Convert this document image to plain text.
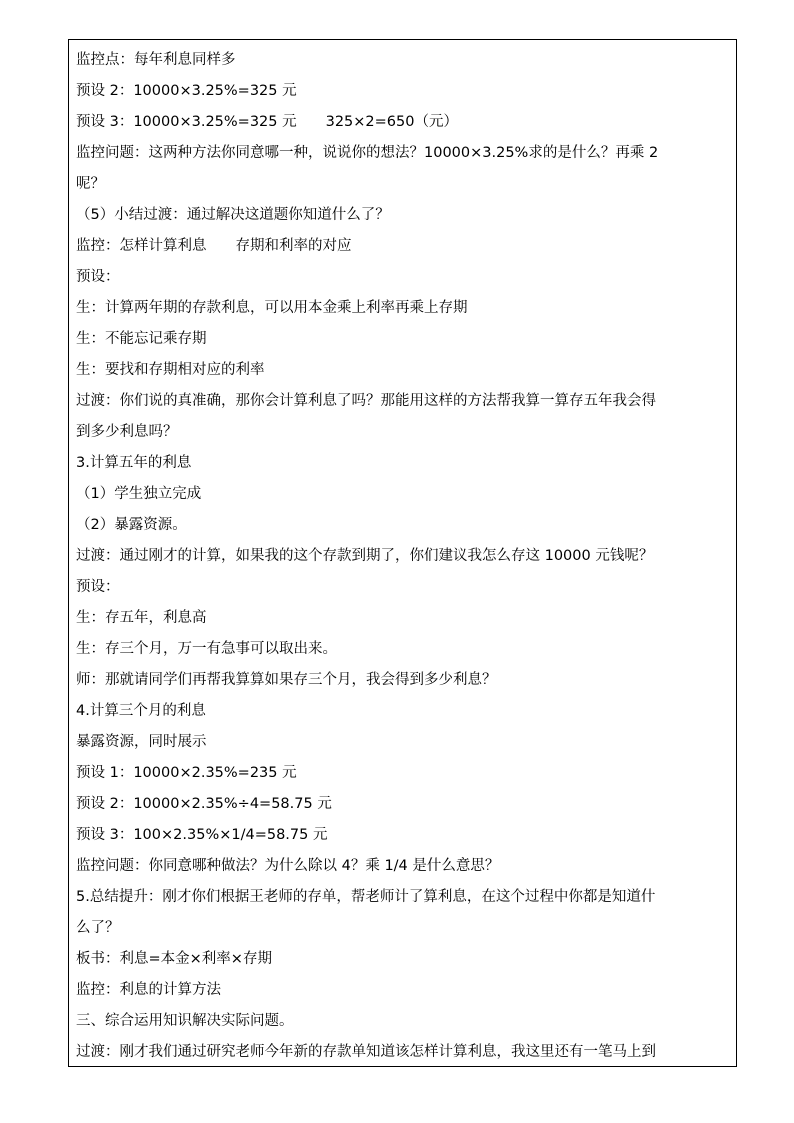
监控点：每年利息同样多
预设 2：10000×3.25%=325 元
预设 3：10000×3.25%=325 元　　325×2=650（元）
监控问题：这两种方法你同意哪一种，说说你的想法？10000×3.25%求的是什么？再乘 2
呢？
（5）小结过渡：通过解决这道题你知道什么了？
监控：怎样计算利息　　存期和利率的对应
预设：
生：计算两年期的存款利息，可以用本金乘上利率再乘上存期
生：不能忘记乘存期
生：要找和存期相对应的利率
过渡：你们说的真准确，那你会计算利息了吗？那能用这样的方法帮我算一算存五年我会得
到多少利息吗？
3.计算五年的利息
（1）学生独立完成
（2）暴露资源。
过渡：通过刚才的计算，如果我的这个存款到期了，你们建议我怎么存这 10000 元钱呢？
预设：
生：存五年，利息高
生：存三个月，万一有急事可以取出来。
师：那就请同学们再帮我算算如果存三个月，我会得到多少利息？
4.计算三个月的利息
暴露资源，同时展示
预设 1：10000×2.35%=235 元
预设 2：10000×2.35%÷4=58.75 元
预设 3：100×2.35%×1/4=58.75 元
监控问题：你同意哪种做法？为什么除以 4？乘 1/4 是什么意思？
5.总结提升：刚才你们根据王老师的存单，帮老师计了算利息，在这个过程中你都是知道什
么了？
板书：利息=本金×利率×存期
监控：利息的计算方法
三、综合运用知识解决实际问题。
过渡：刚才我们通过研究老师今年新的存款单知道该怎样计算利息，我这里还有一笔马上到
